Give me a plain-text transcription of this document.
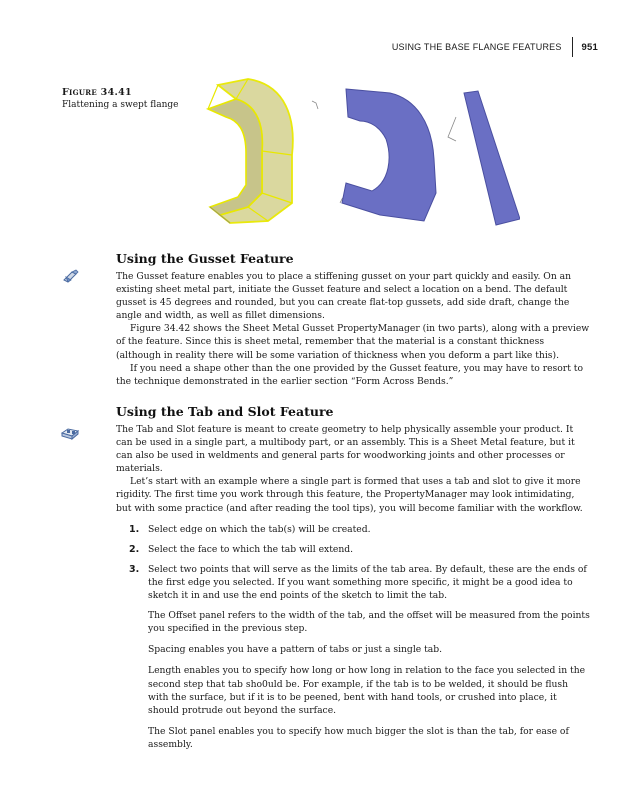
USING THE BASE FLANGE FEATURES 951
Figure 34.41
Flattening a swept flange
Using the Gusset Feature

The Gusset feature enables you to place a stiffening gusset on your part quickly and easily. On an existing sheet metal part, initiate the Gusset feature and select a location on a bend. The default gusset is 45 degrees and rounded, but you can create flat-top gussets, add side draft, change the angle and width, as well as fillet dimensions.

Figure 34.42 shows the Sheet Metal Gusset PropertyManager (in two parts), along with a preview of the feature. Since this is sheet metal, remember that the material is a constant thickness (although in reality there will be some variation of thickness when you deform a part like this).

If you need a shape other than the one provided by the Gusset feature, you may have to resort to the technique demonstrated in the earlier section “Form Across Bends.”

Using the Tab and Slot Feature

The Tab and Slot feature is meant to create geometry to help physically assemble your product. It can be used in a single part, a multibody part, or an assembly. This is a Sheet Metal feature, but it can also be used in weldments and general parts for woodworking joints and other processes or materials.

Let’s start with an example where a single part is formed that uses a tab and slot to give it more rigidity. The first time you work through this feature, the PropertyManager may look intimidating, but with some practice (and after reading the tool tips), you will become familiar with the workflow.

1. Select edge on which the tab(s) will be created.
2. Select the face to which the tab will extend.
3. Select two points that will serve as the limits of the tab area. By default, these are the ends of the first edge you selected. If you want something more specific, it might be a good idea to sketch it in and use the end points of the sketch to limit the tab.

The Offset panel refers to the width of the tab, and the offset will be measured from the points you specified in the previous step.

Spacing enables you have a pattern of tabs or just a single tab.

Length enables you to specify how long or how long in relation to the face you selected in the second step that tab sho0uld be. For example, if the tab is to be welded, it should be flush with the surface, but if it is to be peened, bent with hand tools, or crushed into place, it should protrude out beyond the surface.

The Slot panel enables you to specify how much bigger the slot is than the tab, for ease of assembly.
